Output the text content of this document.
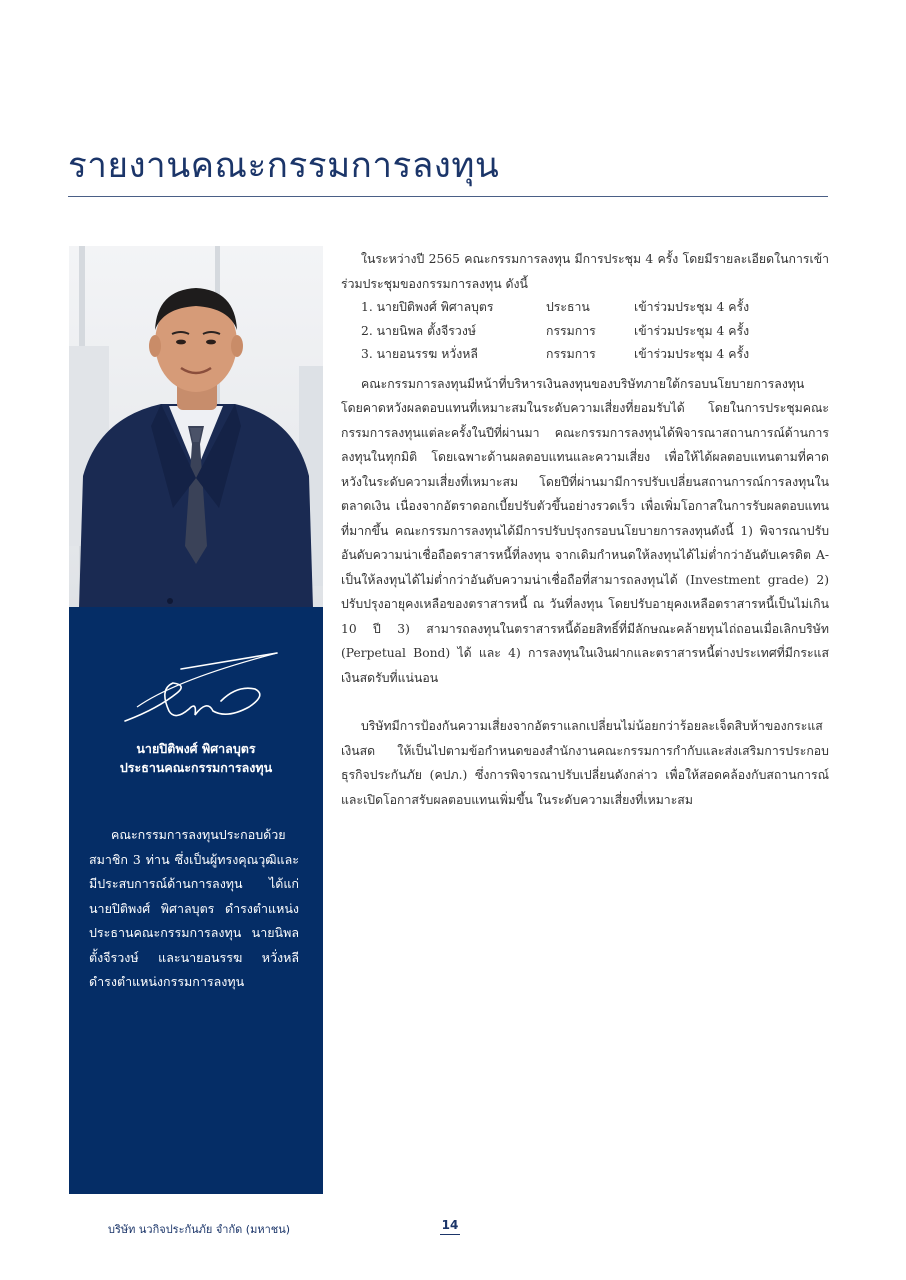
รายงานคณะกรรมการลงทุน
นายปิติพงศ์ พิศาลบุตร
ประธานคณะกรรมการลงทุน

คณะกรรมการลงทุนประกอบด้วยสมาชิก 3 ท่าน ซึ่งเป็นผู้ทรงคุณวุฒิและมีประสบการณ์ด้านการลงทุน ได้แก่ นายปิติพงศ์ พิศาลบุตร ดำรงตำแหน่งประธานคณะกรรมการลงทุน นายนิพล ตั้งจีรวงษ์ และนายอนรรฆ หวั่งหลี ดำรงตำแหน่งกรรมการลงทุน

ในระหว่างปี 2565 คณะกรรมการลงทุน มีการประชุม 4 ครั้ง โดยมีรายละเอียดในการเข้าร่วมประชุมของกรรมการลงทุน ดังนี้

1. นายปิติพงศ์ พิศาลบุตร	ประธาน	เข้าร่วมประชุม 4 ครั้ง
2. นายนิพล ตั้งจีรวงษ์	กรรมการ	เข้าร่วมประชุม 4 ครั้ง
3. นายอนรรฆ หวั่งหลี	กรรมการ	เข้าร่วมประชุม 4 ครั้ง

คณะกรรมการลงทุนมีหน้าที่บริหารเงินลงทุนของบริษัทภายใต้กรอบนโยบายการลงทุน โดยคาดหวังผลตอบแทนที่เหมาะสมในระดับความเสี่ยงที่ยอมรับได้ โดยในการประชุมคณะกรรมการลงทุนแต่ละครั้งในปีที่ผ่านมา คณะกรรมการลงทุนได้พิจารณาสถานการณ์ด้านการลงทุนในทุกมิติ โดยเฉพาะด้านผลตอบแทนและความเสี่ยง เพื่อให้ได้ผลตอบแทนตามที่คาดหวังในระดับความเสี่ยงที่เหมาะสม โดยปีที่ผ่านมามีการปรับเปลี่ยนสถานการณ์การลงทุนในตลาดเงิน เนื่องจากอัตราดอกเบี้ยปรับตัวขึ้นอย่างรวดเร็ว เพื่อเพิ่มโอกาสในการรับผลตอบแทนที่มากขึ้น คณะกรรมการลงทุนได้มีการปรับปรุงกรอบนโยบายการลงทุนดังนี้ 1) พิจารณาปรับอันดับความน่าเชื่อถือตราสารหนี้ที่ลงทุน จากเดิมกำหนดให้ลงทุนได้ไม่ต่ำกว่าอันดับเครดิต A- เป็นให้ลงทุนได้ไม่ต่ำกว่าอันดับความน่าเชื่อถือที่สามารถลงทุนได้ (Investment grade) 2) ปรับปรุงอายุคงเหลือของตราสารหนี้ ณ วันที่ลงทุน โดยปรับอายุคงเหลือตราสารหนี้เป็นไม่เกิน 10 ปี 3) สามารถลงทุนในตราสารหนี้ด้อยสิทธิ์ที่มีลักษณะคล้ายทุนไถ่ถอนเมื่อเลิกบริษัท (Perpetual Bond) ได้ และ 4) การลงทุนในเงินฝากและตราสารหนี้ต่างประเทศที่มีกระแสเงินสดรับที่แน่นอน

บริษัทมีการป้องกันความเสี่ยงจากอัตราแลกเปลี่ยนไม่น้อยกว่าร้อยละเจ็ดสิบห้าของกระแสเงินสด ให้เป็นไปตามข้อกำหนดของสำนักงานคณะกรรมการกำกับและส่งเสริมการประกอบธุรกิจประกันภัย (คปภ.) ซึ่งการพิจารณาปรับเปลี่ยนดังกล่าว เพื่อให้สอดคล้องกับสถานการณ์และเปิดโอกาสรับผลตอบแทนเพิ่มขึ้น ในระดับความเสี่ยงที่เหมาะสม

บริษัท นวกิจประกันภัย จำกัด (มหาชน)	14
